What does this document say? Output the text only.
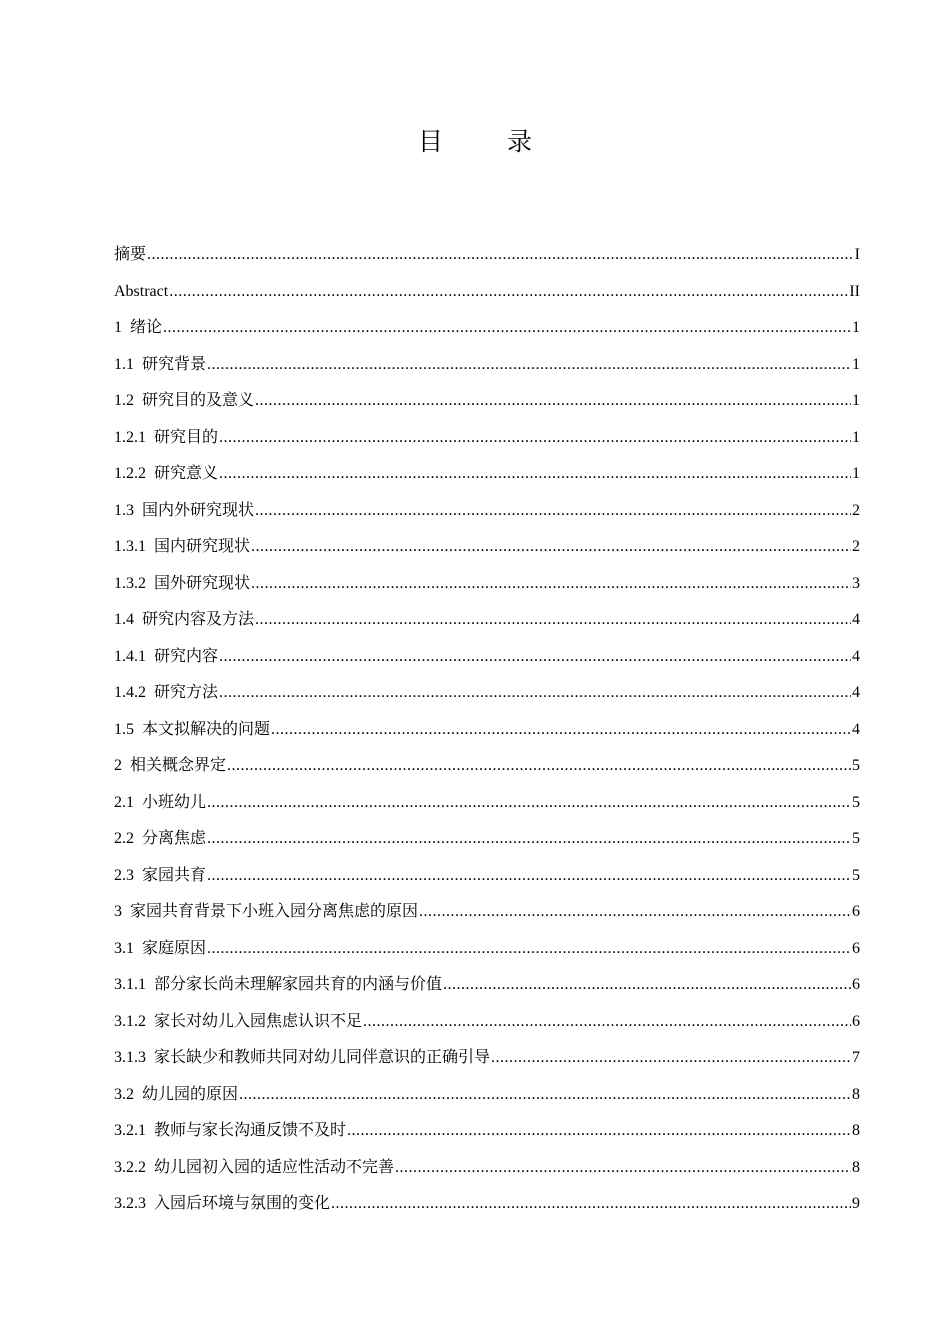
目 录
摘要 .....	I
Abstract .....	II
1  绪论 .....	1
1.1  研究背景 .....	1
1.2  研究目的及意义 .....	1
1.2.1  研究目的 .....	1
1.2.2  研究意义 .....	1
1.3  国内外研究现状 .....	2
1.3.1  国内研究现状 .....	2
1.3.2  国外研究现状 .....	3
1.4  研究内容及方法 .....	4
1.4.1  研究内容 .....	4
1.4.2  研究方法 .....	4
1.5  本文拟解决的问题 .....	4
2  相关概念界定 .....	5
2.1  小班幼儿 .....	5
2.2  分离焦虑 .....	5
2.3  家园共育 .....	5
3  家园共育背景下小班入园分离焦虑的原因 .....	6
3.1  家庭原因 .....	6
3.1.1  部分家长尚未理解家园共育的内涵与价值 .....	6
3.1.2  家长对幼儿入园焦虑认识不足 .....	6
3.1.3  家长缺少和教师共同对幼儿同伴意识的正确引导 .....	7
3.2  幼儿园的原因 .....	8
3.2.1  教师与家长沟通反馈不及时 .....	8
3.2.2  幼儿园初入园的适应性活动不完善 .....	8
3.2.3  入园后环境与氛围的变化 .....	9
